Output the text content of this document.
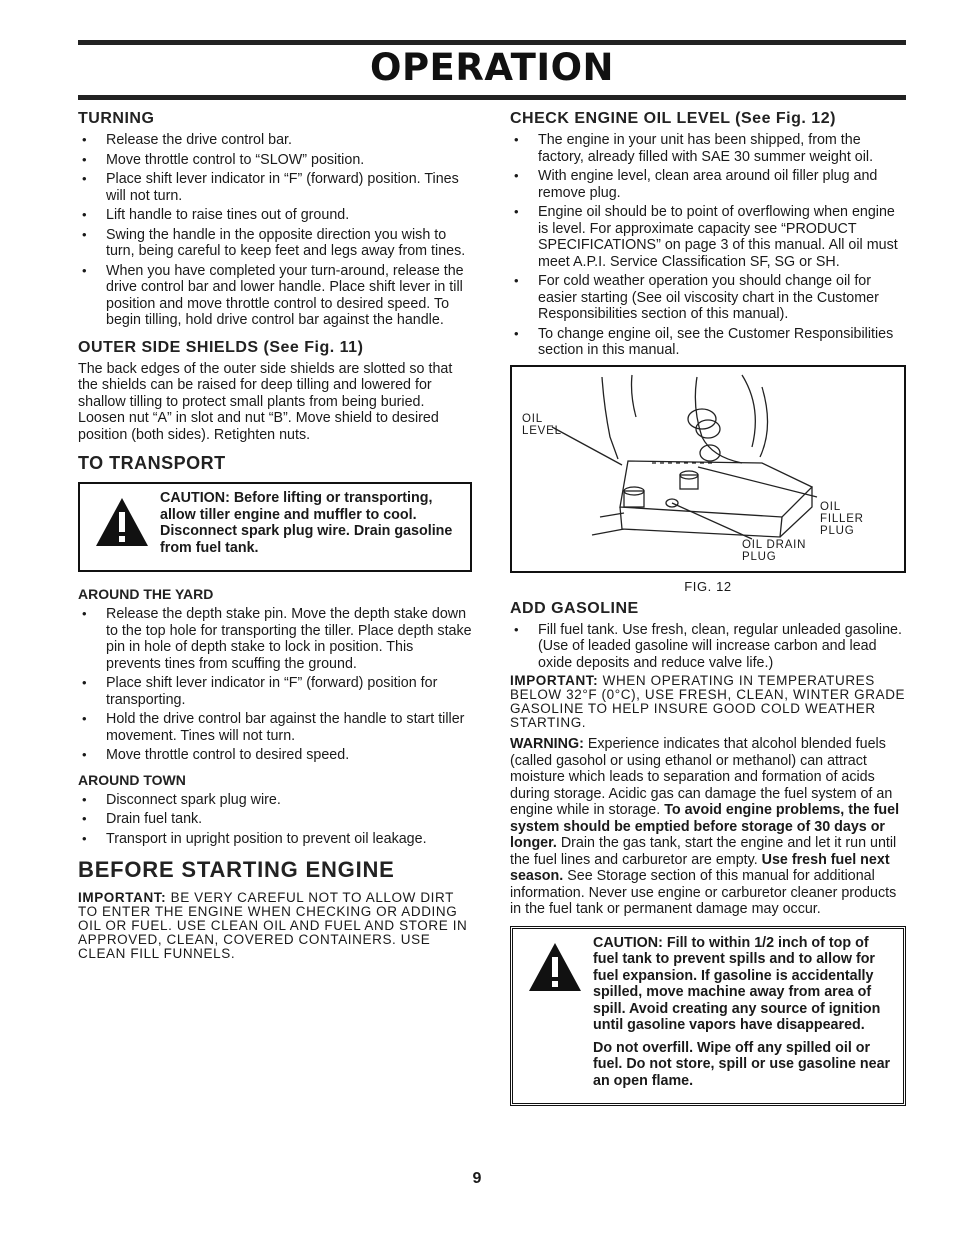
OPERATION
TURNING
• Release the drive control bar.
• Move throttle control to “SLOW” position.
• Place shift lever indicator in “F” (forward) position. Tines will not turn.
• Lift handle to raise tines out of ground.
• Swing the handle in the opposite direction you wish to turn, being careful to keep feet and legs away from tines.
• When you have completed your turn-around, release the drive control bar and lower handle. Place shift lever in till position and move throttle control to desired speed. To begin tilling, hold drive control bar against the handle.
OUTER SIDE SHIELDS (See Fig. 11)

The back edges of the outer side shields are slotted so that the shields can be raised for deep tilling and lowered for shallow tilling to protect small plants from being buried. Loosen nut “A” in slot and nut “B”. Move shield to desired position (both sides). Retighten nuts.

TO TRANSPORT

CAUTION: Before lifting or transporting, allow tiller engine and muffler to cool. Disconnect spark plug wire. Drain gasoline from fuel tank.

AROUND THE YARD
• Release the depth stake pin. Move the depth stake down to the top hole for transporting the tiller. Place depth stake pin in hole of depth stake to lock in position. This prevents tines from scuffing the ground.
• Place shift lever indicator in “F” (forward) position for transporting.
• Hold the drive control bar against the handle to start tiller movement. Tines will not turn.
• Move throttle control to desired speed.
AROUND TOWN
• Disconnect spark plug wire.
• Drain fuel tank.
• Transport in upright position to prevent oil leakage.
BEFORE STARTING ENGINE

IMPORTANT: BE VERY CAREFUL NOT TO ALLOW DIRT TO ENTER THE ENGINE WHEN CHECKING OR ADDING OIL OR FUEL. USE CLEAN OIL AND FUEL AND STORE IN APPROVED, CLEAN, COVERED CONTAINERS. USE CLEAN FILL FUNNELS.

CHECK ENGINE OIL LEVEL (See Fig. 12)
• The engine in your unit has been shipped, from the factory, already filled with SAE 30 summer weight oil.
• With engine level, clean area around oil filler plug and remove plug.
• Engine oil should be to point of overflowing when engine is level. For approximate capacity see “PRODUCT SPECIFICATIONS” on page 3 of this manual. All oil must meet A.P.I. Service Classification SF, SG or SH.
• For cold weather operation you should change oil for easier starting (See oil viscosity chart in the Customer Responsibilities section of this manual).
• To change engine oil, see the Customer Responsibilities section in this manual.
OIL
LEVEL
OIL
FILLER
PLUG
OIL DRAIN
PLUG

FIG. 12

ADD GASOLINE
• Fill fuel tank. Use fresh, clean, regular unleaded gasoline. (Use of leaded gasoline will increase carbon and lead oxide deposits and reduce valve life.)

IMPORTANT: WHEN OPERATING IN TEMPERATURES BELOW 32°F (0°C), USE FRESH, CLEAN, WINTER GRADE GASOLINE TO HELP INSURE GOOD COLD WEATHER STARTING.

WARNING: Experience indicates that alcohol blended fuels (called gasohol or using ethanol or methanol) can attract moisture which leads to separation and formation of acids during storage. Acidic gas can damage the fuel system of an engine while in storage. To avoid engine problems, the fuel system should be emptied before storage of 30 days or longer. Drain the gas tank, start the engine and let it run until the fuel lines and carburetor are empty. Use fresh fuel next season. See Storage section of this manual for additional information. Never use engine or carburetor cleaner products in the fuel tank or permanent damage may occur.

CAUTION: Fill to within 1/2 inch of top of fuel tank to prevent spills and to allow for fuel expansion. If gasoline is accidentally spilled, move machine away from area of spill. Avoid creating any source of ignition until gasoline vapors have disappeared.

Do not overfill. Wipe off any spilled oil or fuel. Do not store, spill or use gasoline near an open flame.

9
